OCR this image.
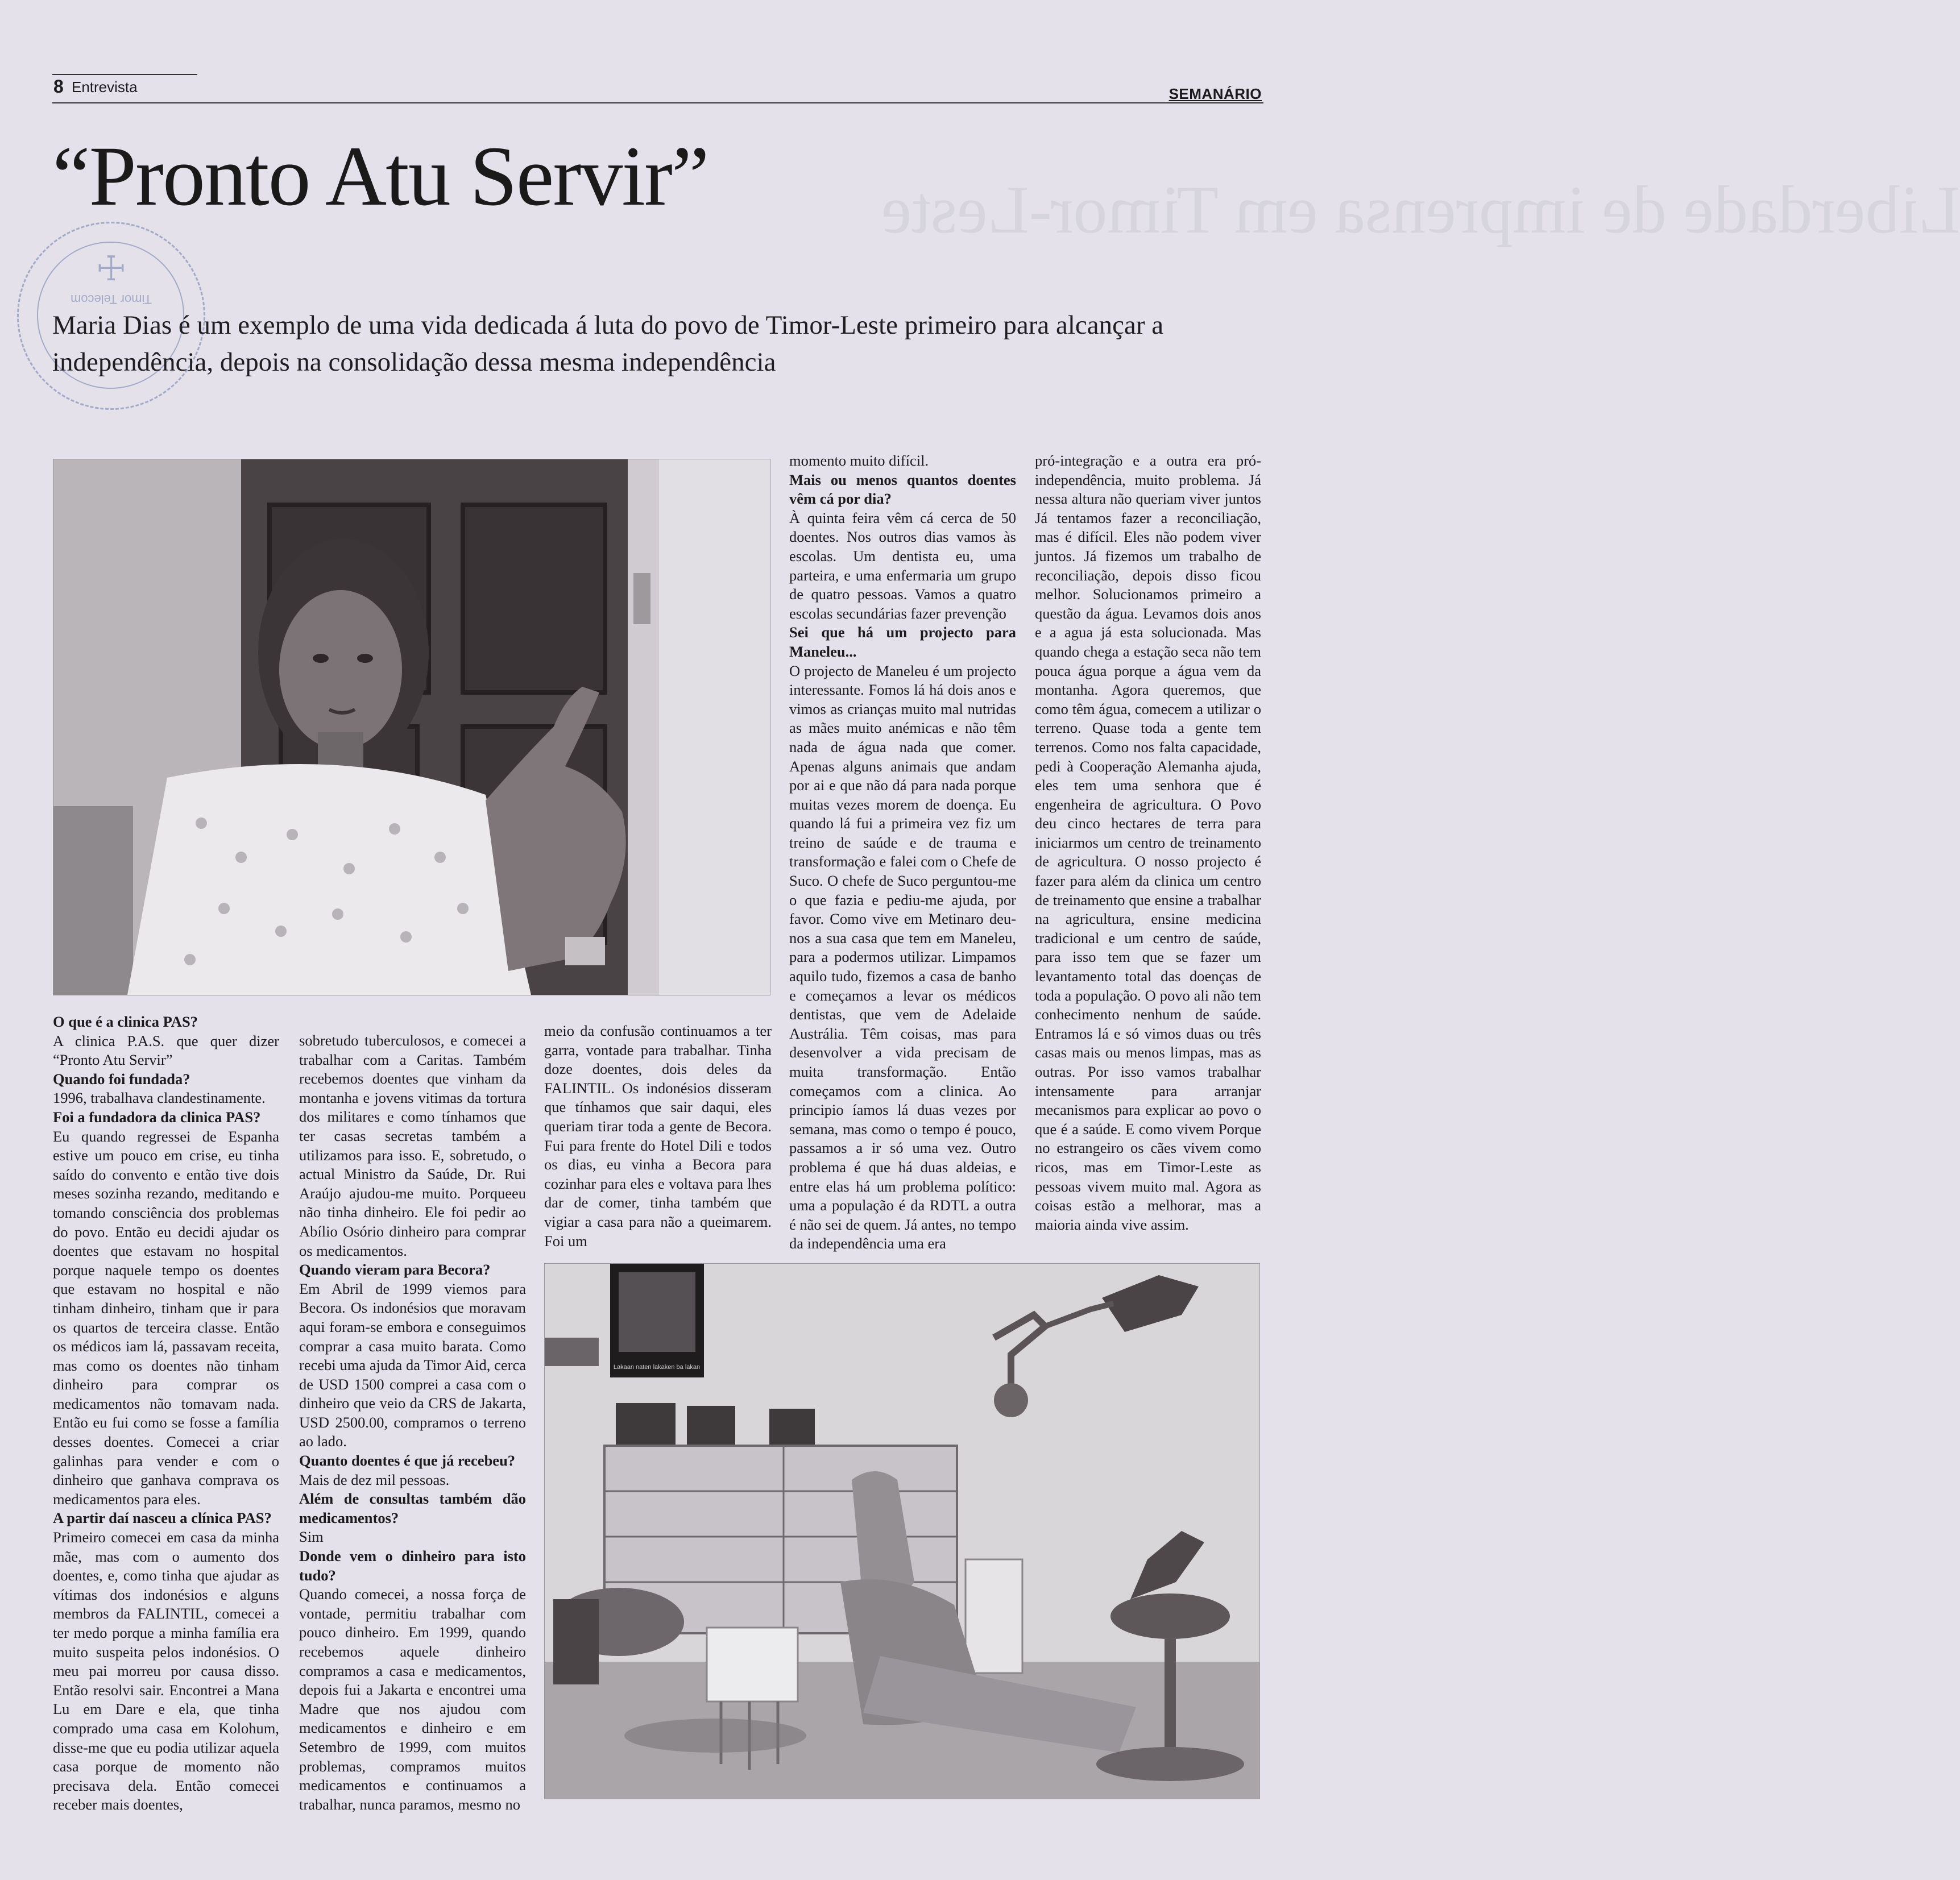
8 Entrevista	SEMANÁRIO
Liberdade de imprensa em Timor-Leste
“Pronto Atu Servir”
☩
Timor Telecom
Maria Dias é um exemplo de uma vida dedicada á luta do povo de Timor-Leste primeiro para alcançar a independência, depois na consolidação dessa mesma independência

O que é a clinica PAS?

A clinica P.A.S. que quer dizer “Pronto Atu Servir”

Quando foi fundada?

1996, trabalhava clandestinamente.

Foi a fundadora da clinica PAS?

Eu quando regressei de Espanha estive um pouco em crise, eu tinha saído do convento e então tive dois meses sozinha rezando, meditando e tomando consciência dos problemas do povo. Então eu decidi ajudar os doentes que estavam no hospital porque naquele tempo os doentes que estavam no hospital e não tinham dinheiro, tinham que ir para os quartos de terceira classe. Então os médicos iam lá, passavam receita, mas como os doentes não tinham dinheiro para comprar os medicamentos não tomavam nada. Então eu fui como se fosse a família desses doentes. Comecei a criar galinhas para vender e com o dinheiro que ganhava comprava os medicamentos para eles.

A partir daí nasceu a clínica PAS?

Primeiro comecei em casa da minha mãe, mas com o aumento dos doentes, e, como tinha que ajudar as vítimas dos indonésios e alguns membros da FALINTIL, comecei a ter medo porque a minha família era muito suspeita pelos indonésios. O meu pai morreu por causa disso. Então resolvi sair. Encontrei a Mana Lu em Dare e ela, que tinha comprado uma casa em Kolohum, disse-me que eu podia utilizar aquela casa porque de momento não precisava dela. Então comecei receber mais doentes,

sobretudo tuberculosos, e comecei a trabalhar com a Caritas. Também recebemos doentes que vinham da montanha e jovens vitimas da tortura dos militares e como tínhamos que ter casas secretas também a utilizamos para isso. E, sobretudo, o actual Ministro da Saúde, Dr. Rui Araújo ajudou-me muito. Porqueeu não tinha dinheiro. Ele foi pedir ao Abílio Osório dinheiro para comprar os medicamentos.

Quando vieram para Becora?

Em Abril de 1999 viemos para Becora. Os indonésios que moravam aqui foram-se embora e conseguimos comprar a casa muito barata. Como recebi uma ajuda da Timor Aid, cerca de USD 1500 comprei a casa com o dinheiro que veio da CRS de Jakarta, USD 2500.00, compramos o terreno ao lado.

Quanto doentes é que já recebeu?

Mais de dez mil pessoas.

Além de consultas também dão medicamentos?

Sim

Donde vem o dinheiro para isto tudo?

Quando comecei, a nossa força de vontade, permitiu trabalhar com pouco dinheiro. Em 1999, quando recebemos aquele dinheiro compramos a casa e medicamentos, depois fui a Jakarta e encontrei uma Madre que nos ajudou com medicamentos e dinheiro e em Setembro de 1999, com muitos problemas, compramos muitos medicamentos e continuamos a trabalhar, nunca paramos, mesmo no

meio da confusão continuamos a ter garra, vontade para trabalhar. Tinha doze doentes, dois deles da FALINTIL. Os indonésios disseram que tínhamos que sair daqui, eles queriam tirar toda a gente de Becora. Fui para frente do Hotel Dili e todos os dias, eu vinha a Becora para cozinhar para eles e voltava para lhes dar de comer, tinha também que vigiar a casa para não a queimarem. Foi um

momento muito difícil.

Mais ou menos quantos doentes vêm cá por dia?

À quinta feira vêm cá cerca de 50 doentes. Nos outros dias vamos às escolas. Um dentista eu, uma parteira, e uma enfermaria um grupo de quatro pessoas. Vamos a quatro escolas secundárias fazer prevenção

Sei que há um projecto para Maneleu...

O projecto de Maneleu é um projecto interessante. Fomos lá há dois anos e vimos as crianças muito mal nutridas as mães muito anémicas e não têm nada de água nada que comer. Apenas alguns animais que andam por ai e que não dá para nada porque muitas vezes morem de doença. Eu quando lá fui a primeira vez fiz um treino de saúde e de trauma e transformação e falei com o Chefe de Suco. O chefe de Suco perguntou-me o que fazia e pediu-me ajuda, por favor. Como vive em Metinaro deu-nos a sua casa que tem em Maneleu, para a podermos utilizar. Limpamos aquilo tudo, fizemos a casa de banho e começamos a levar os médicos dentistas, que vem de Adelaide Austrália. Têm coisas, mas para desenvolver a vida precisam de muita transformação. Então começamos com a clinica. Ao principio íamos lá duas vezes por semana, mas como o tempo é pouco, passamos a ir só uma vez. Outro problema é que há duas aldeias, e entre elas há um problema político: uma a população é da RDTL a outra é não sei de quem. Já antes, no tempo da independência uma era

pró-integração e a outra era pró-independência, muito problema. Já nessa altura não queriam viver juntos Já tentamos fazer a reconciliação, mas é difícil. Eles não podem viver juntos. Já fizemos um trabalho de reconciliação, depois disso ficou melhor. Solucionamos primeiro a questão da água. Levamos dois anos e a agua já esta solucionada. Mas quando chega a estação seca não tem pouca água porque a água vem da montanha. Agora queremos, que como têm água, comecem a utilizar o terreno. Quase toda a gente tem terrenos. Como nos falta capacidade, pedi à Cooperação Alemanha ajuda, eles tem uma senhora que é engenheira de agricultura. O Povo deu cinco hectares de terra para iniciarmos um centro de treinamento de agricultura. O nosso projecto é fazer para além da clinica um centro de treinamento que ensine a trabalhar na agricultura, ensine medicina tradicional e um centro de saúde, para isso tem que se fazer um levantamento total das doenças de toda a população. O povo ali não tem conhecimento nenhum de saúde. Entramos lá e só vimos duas ou três casas mais ou menos limpas, mas as outras. Por isso vamos trabalhar intensamente para arranjar mecanismos para explicar ao povo o que é a saúde. E como vivem Porque no estrangeiro os cães vivem como ricos, mas em Timor-Leste as pessoas vivem muito mal. Agora as coisas estão a melhorar, mas a maioria ainda vive assim.

Lakaan naten lakaken ba lakan
